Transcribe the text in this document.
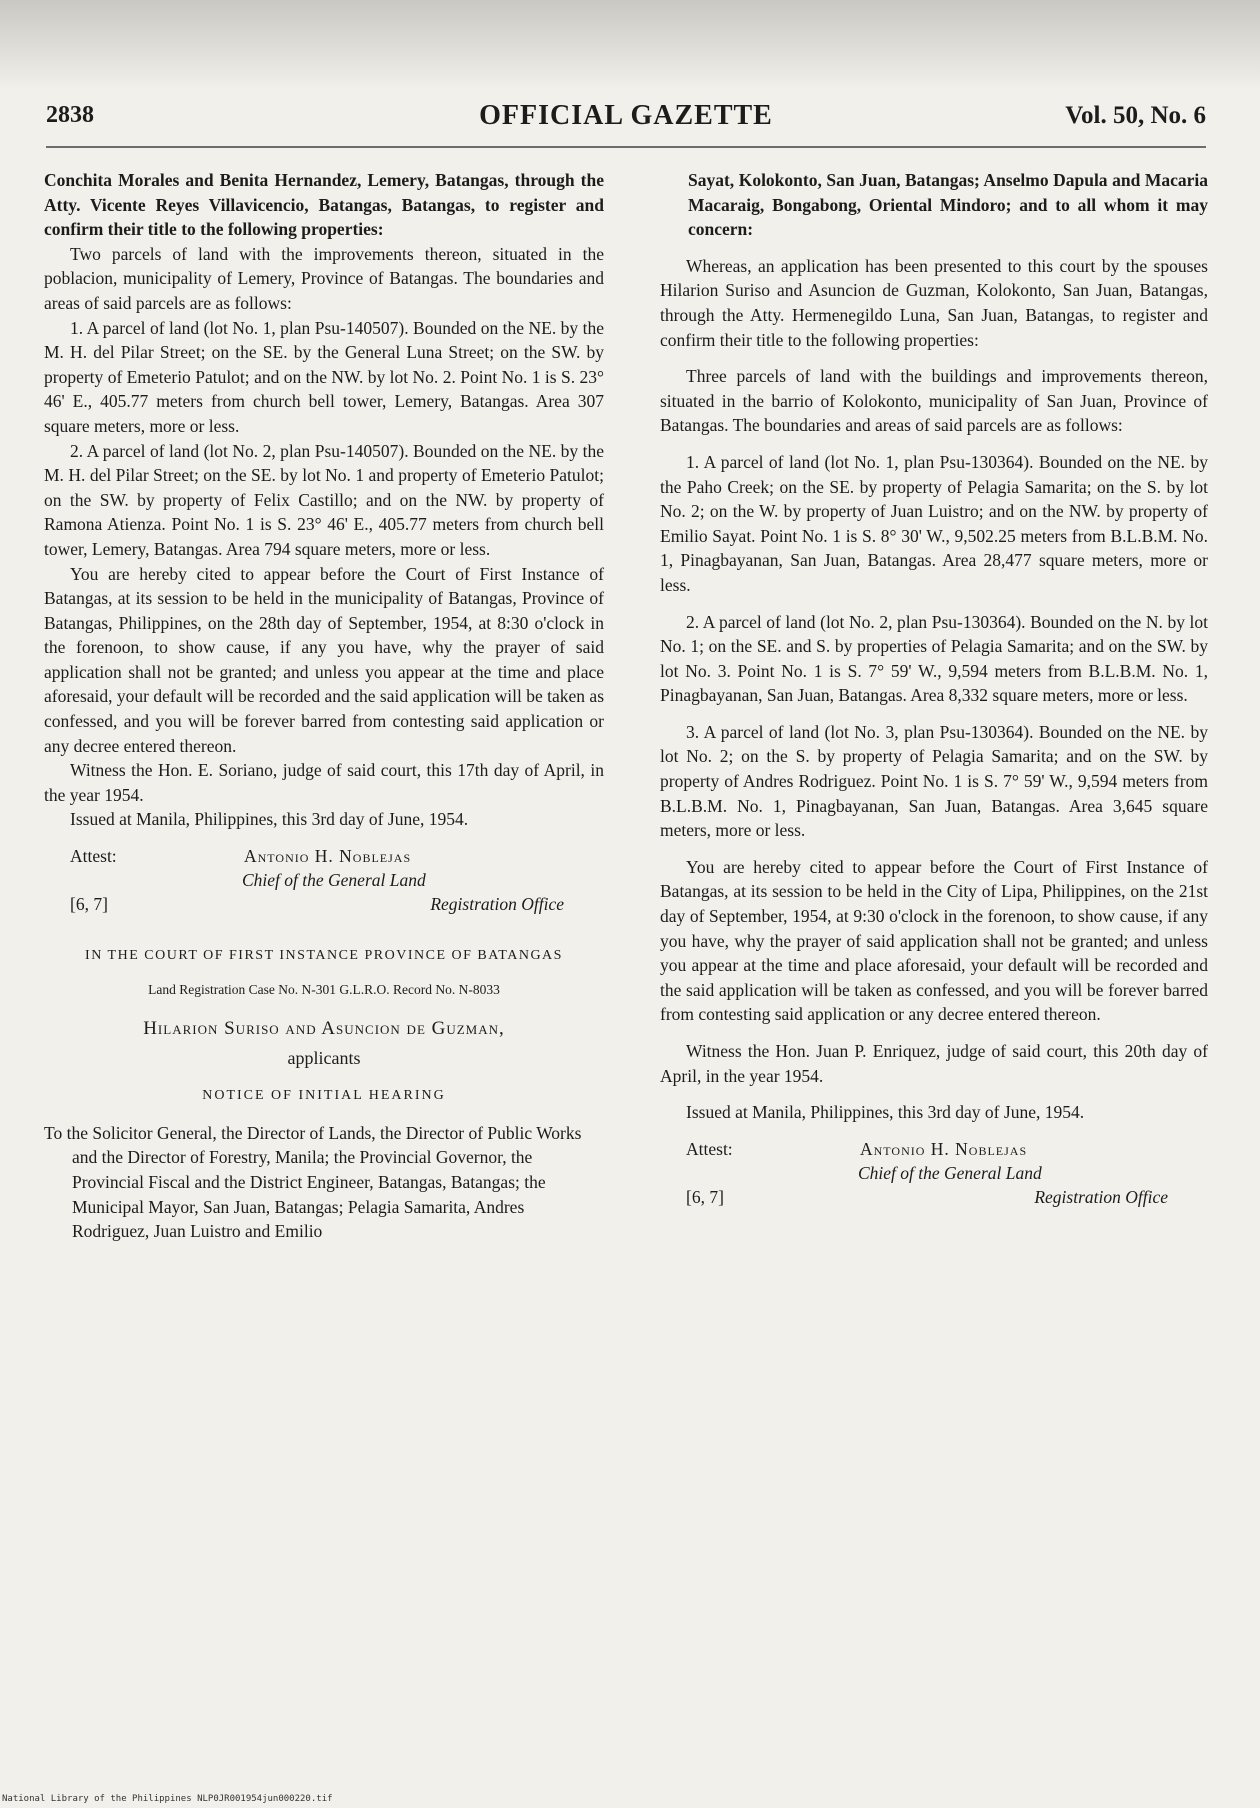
2838	OFFICIAL GAZETTE	Vol. 50, No. 6

Conchita Morales and Benita Hernandez, Lemery, Batangas, through the Atty. Vicente Reyes Villavicencio, Batangas, Batangas, to register and confirm their title to the following properties:

Two parcels of land with the improvements thereon, situated in the poblacion, municipality of Lemery, Province of Batangas. The boundaries and areas of said parcels are as follows:

1. A parcel of land (lot No. 1, plan Psu-140507). Bounded on the NE. by the M. H. del Pilar Street; on the SE. by the General Luna Street; on the SW. by property of Emeterio Patulot; and on the NW. by lot No. 2. Point No. 1 is S. 23° 46' E., 405.77 meters from church bell tower, Lemery, Batangas. Area 307 square meters, more or less.

2. A parcel of land (lot No. 2, plan Psu-140507). Bounded on the NE. by the M. H. del Pilar Street; on the SE. by lot No. 1 and property of Emeterio Patulot; on the SW. by property of Felix Castillo; and on the NW. by property of Ramona Atienza. Point No. 1 is S. 23° 46' E., 405.77 meters from church bell tower, Lemery, Batangas. Area 794 square meters, more or less.

You are hereby cited to appear before the Court of First Instance of Batangas, at its session to be held in the municipality of Batangas, Province of Batangas, Philippines, on the 28th day of September, 1954, at 8:30 o'clock in the forenoon, to show cause, if any you have, why the prayer of said application shall not be granted; and unless you appear at the time and place aforesaid, your default will be recorded and the said application will be taken as confessed, and you will be forever barred from contesting said application or any decree entered thereon.

Witness the Hon. E. Soriano, judge of said court, this 17th day of April, in the year 1954.

Issued at Manila, Philippines, this 3rd day of June, 1954.

Attest:	Antonio H. Noblejas
Chief of the General Land
[6, 7]	Registration Office
IN THE COURT OF FIRST INSTANCE PROVINCE OF BATANGAS
Land Registration Case No. N-301 G.L.R.O. Record No. N-8033
Hilarion Suriso and Asuncion de Guzman,
applicants
NOTICE OF INITIAL HEARING

To the Solicitor General, the Director of Lands, the Director of Public Works and the Director of Forestry, Manila; the Provincial Governor, the Provincial Fiscal and the District Engineer, Batangas, Batangas; the Municipal Mayor, San Juan, Batangas; Pelagia Samarita, Andres Rodriguez, Juan Luistro and Emilio

Sayat, Kolokonto, San Juan, Batangas; Anselmo Dapula and Macaria Macaraig, Bongabong, Oriental Mindoro; and to all whom it may concern:

Whereas, an application has been presented to this court by the spouses Hilarion Suriso and Asuncion de Guzman, Kolokonto, San Juan, Batangas, through the Atty. Hermenegildo Luna, San Juan, Batangas, to register and confirm their title to the following properties:

Three parcels of land with the buildings and improvements thereon, situated in the barrio of Kolokonto, municipality of San Juan, Province of Batangas. The boundaries and areas of said parcels are as follows:

1. A parcel of land (lot No. 1, plan Psu-130364). Bounded on the NE. by the Paho Creek; on the SE. by property of Pelagia Samarita; on the S. by lot No. 2; on the W. by property of Juan Luistro; and on the NW. by property of Emilio Sayat. Point No. 1 is S. 8° 30' W., 9,502.25 meters from B.L.B.M. No. 1, Pinagbayanan, San Juan, Batangas. Area 28,477 square meters, more or less.

2. A parcel of land (lot No. 2, plan Psu-130364). Bounded on the N. by lot No. 1; on the SE. and S. by properties of Pelagia Samarita; and on the SW. by lot No. 3. Point No. 1 is S. 7° 59' W., 9,594 meters from B.L.B.M. No. 1, Pinagbayanan, San Juan, Batangas. Area 8,332 square meters, more or less.

3. A parcel of land (lot No. 3, plan Psu-130364). Bounded on the NE. by lot No. 2; on the S. by property of Pelagia Samarita; and on the SW. by property of Andres Rodriguez. Point No. 1 is S. 7° 59' W., 9,594 meters from B.L.B.M. No. 1, Pinagbayanan, San Juan, Batangas. Area 3,645 square meters, more or less.

You are hereby cited to appear before the Court of First Instance of Batangas, at its session to be held in the City of Lipa, Philippines, on the 21st day of September, 1954, at 9:30 o'clock in the forenoon, to show cause, if any you have, why the prayer of said application shall not be granted; and unless you appear at the time and place aforesaid, your default will be recorded and the said application will be taken as confessed, and you will be forever barred from contesting said application or any decree entered thereon.

Witness the Hon. Juan P. Enriquez, judge of said court, this 20th day of April, in the year 1954.

Issued at Manila, Philippines, this 3rd day of June, 1954.

Attest:	Antonio H. Noblejas
Chief of the General Land
[6, 7]	Registration Office
National Library of the Philippines NLP0JR001954jun000220.tif
